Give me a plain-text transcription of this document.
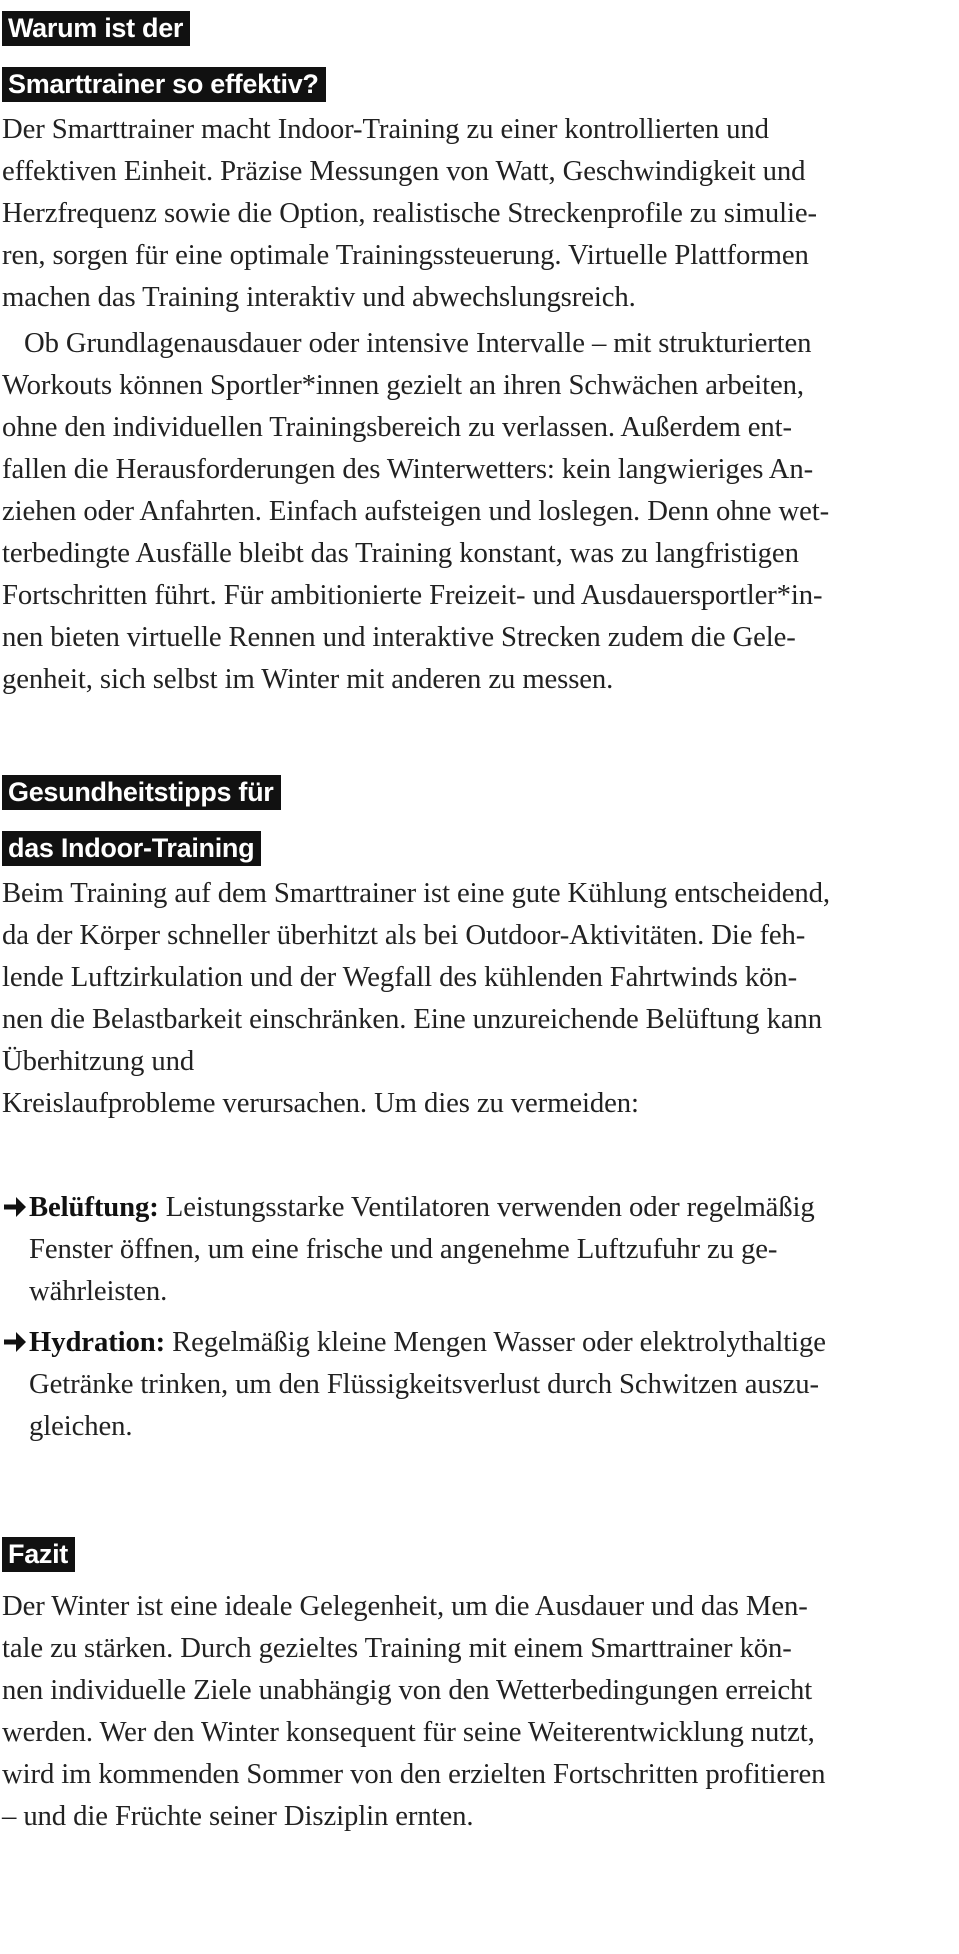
Warum ist der
Smarttrainer so effektiv?
Der Smarttrainer macht Indoor-Training zu einer kontrollierten und
effektiven Einheit. Präzise Messungen von Watt, Geschwindigkeit und
Herzfrequenz sowie die Option, realistische Streckenprofile zu simulie-
ren, sorgen für eine optimale Trainingssteuerung. Virtuelle Plattformen
machen das Training interaktiv und abwechslungsreich.
Ob Grundlagenausdauer oder intensive Intervalle – mit strukturierten
Workouts können Sportler*innen gezielt an ihren Schwächen arbeiten,
ohne den individuellen Trainingsbereich zu verlassen. Außerdem ent-
fallen die Herausforderungen des Winterwetters: kein langwieriges An-
ziehen oder Anfahrten. Einfach aufsteigen und loslegen. Denn ohne wet-
terbedingte Ausfälle bleibt das Training konstant, was zu langfristigen
Fortschritten führt. Für ambitionierte Freizeit- und Ausdauersportler*in-
nen bieten virtuelle Rennen und interaktive Strecken zudem die Gele-
genheit, sich selbst im Winter mit anderen zu messen.
Gesundheitstipps für
das Indoor-Training
Beim Training auf dem Smarttrainer ist eine gute Kühlung entscheidend,
da der Körper schneller überhitzt als bei Outdoor-Aktivitäten. Die feh-
lende Luftzirkulation und der Wegfall des kühlenden Fahrtwinds kön-
nen die Belastbarkeit einschränken. Eine unzureichende Belüftung kann
Überhitzung und
Kreislaufprobleme verursachen. Um dies zu vermeiden:
Belüftung: Leistungsstarke Ventilatoren verwenden oder regelmäßig
Fenster öffnen, um eine frische und angenehme Luftzufuhr zu ge-
währleisten.
Hydration: Regelmäßig kleine Mengen Wasser oder elektrolythaltige
Getränke trinken, um den Flüssigkeitsverlust durch Schwitzen auszu-
gleichen.
Fazit
Der Winter ist eine ideale Gelegenheit, um die Ausdauer und das Men-
tale zu stärken. Durch gezieltes Training mit einem Smarttrainer kön-
nen individuelle Ziele unabhängig von den Wetterbedingungen erreicht
werden. Wer den Winter konsequent für seine Weiterentwicklung nutzt,
wird im kommenden Sommer von den erzielten Fortschritten profitieren
– und die Früchte seiner Disziplin ernten.
